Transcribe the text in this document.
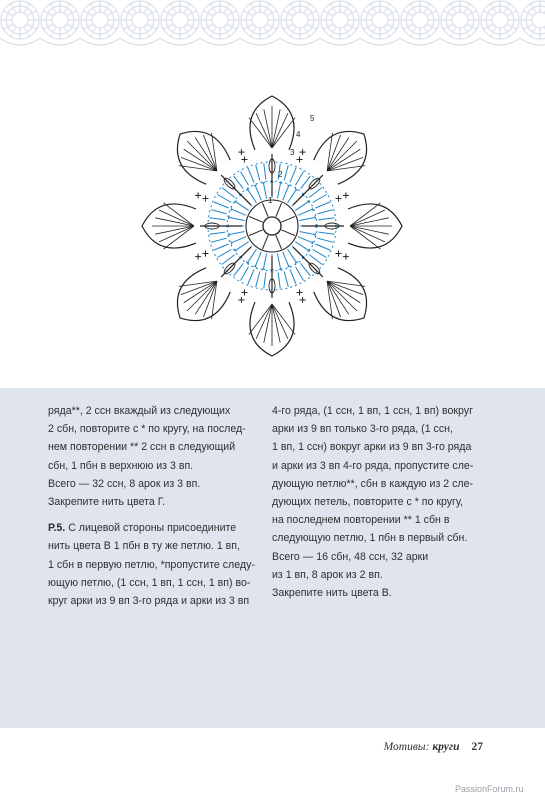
1
2
3
4
5
ряда**, 2 ссн вкаждый из следующих
2 сбн, повторите с * по кругу, на послед-
нем повторении ** 2 ссн в следующий
сбн, 1 пбн в верхнюю из 3 вп.
Всего — 32 ссн, 8 арок из 3 вп.
Закрепите нить цвета Г.
Р.5. С лицевой стороны присоедините
нить цвета В 1 пбн в ту же петлю. 1 вп,
1 сбн в первую петлю, *пропустите следу-
ющую петлю, (1 ссн, 1 вп, 1 ссн, 1 вп) во-
круг арки из 9 вп 3-го ряда и арки из 3 вп
4-го ряда, (1 ссн, 1 вп, 1 ссн, 1 вп) вокруг
арки из 9 вп только 3-го ряда, (1 ссн,
1 вп, 1 ссн) вокруг арки из 9 вп 3-го ряда
и арки из 3 вп 4-го ряда, пропустите сле-
дующую петлю**, сбн в каждую из 2 сле-
дующих петель, повторите с * по кругу,
на последнем повторении ** 1 сбн в
следующую петлю, 1 пбн в первый сбн.
Всего — 16 сбн, 48 ссн, 32 арки
из 1 вп, 8 арок из 2 вп.
Закрепите нить цвета В.
Мотивы: круги 27
PassionForum.ru
